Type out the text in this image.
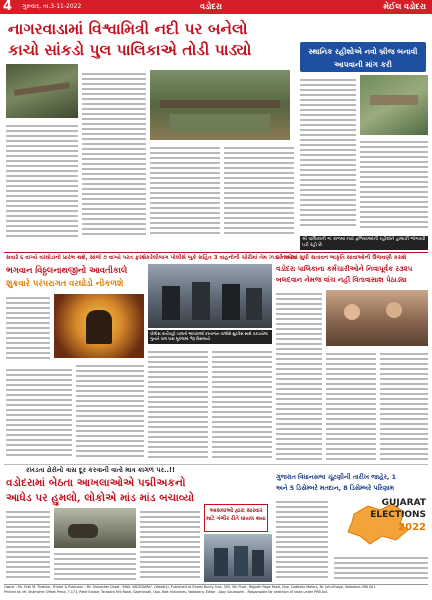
4 ગુરુવાર, તા.3-11-2022	વડોદરા	મેઈલ વડોદરા
નાગરવાડામાં વિશ્વામિત્રી નદી પર બનેલો
કાચો સાંકડો પુલ પાલિકાએ તોડી પાડ્યો	સ્થાનિક રહીશોએ નવો બ્રીજ બનાવી આપવાની માંગ કરી
શ્રી પાલિકાની ગાં કાળમાં નવો ફળિયાઓની રહીશોને હાલાકી ભોગવવી પડી રહી છે.
સવારે ૬ વાગ્યે વરઘોડાનો પ્રારંભ થશે, સાંજે ૭ વાગ્યે પરત ફરશે કરેલીબાગ પોલીસે બુકે સહિત 3 વાહનોની ચોરીમાં તેમ ઝડપી પાડ્યા
૬ નમ્બેમાં સુધી સતાવન ભાકૃતિ સાવાઓની ઉજવણી કરાશે
ભગવાન વિઠ્ઠલનાથજીનો આવતીકાલે
શુક્રવારે પરંપરાગત વરઘોડો નીકળશે
પોલીસ કાર્યવાહી ચાલતી આપવાઓ કરતાજન પાલીસે સુટકેસ સાથે પકડાયેલા ગુનાને પાલ પાસ મૂકલામાં ભેરૂ વિસલાયો
વડોદરા પાલિકાના કર્મચારીઓને નિવાપૂર્વક ર૩૨૫
બલદવાન નેમજ વાંચ નહીં વિતાવાસાશ પેઠાડ્યા
રખડતા ઢોરોનો ત્રાસ દૂર કરવાની વાતો માત્ર કાગળ પર..!!
વડોદરામાં બેઠતા આખલાઓએ પદ્મીઅકનો
આધેડ પર હુમલો, લોકોએ માંડ માંડ બચાવ્યો
આસલાઓ દ્વારા સારવાર માટે ગંભીર રીતે ઘાયલ થયા
ગુજરાત વિધાનસભા ચૂંટણીની તારીખ જાહેર, 1
અને 5 ડિસેમ્બરે મતદાન, 8 ડિસેમ્બરે પરિણામ
GUJARAT
ELECTIONS
2022
Owner : Mr. Firth M. Thakkar, Printer & Publisher : Mr. Shamsher Dhatt, "MAIL VADODARA", (Weekly), Published at Ghomi Bunty Inns, 305, 5th Floor, Rajpath Page Road, Opp. Cadbolla Motors, Nr. JuhuShopp, Vadodara-390 001.
Printed at: Mr. Shamsher Offset Press, 7-171, Patel Estate, Tarasara Mill Road, Gajeravadi, Opp. Ratt Industries, Vadodara. Editor : Ajay Gauswami - Responsible for selection of news under PRB Act.
